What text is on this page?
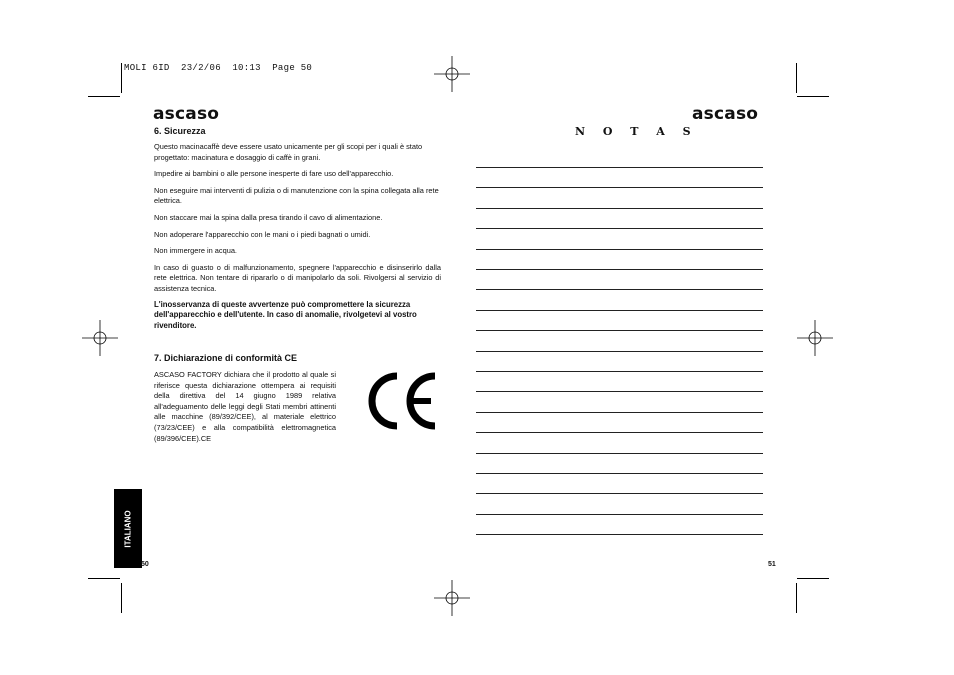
MOLI 6ID  23/2/06  10:13  Page 50
ascaso
6. Sicurezza

Questo macinacaffè deve essere usato unicamente per gli scopi per i quali è stato progettato: macinatura e dosaggio di caffè in grani.

Impedire ai bambini o alle persone inesperte di fare uso dell'apparecchio.

Non eseguire mai interventi di pulizia o di manutenzione con la spina collegata alla rete elettrica.

Non staccare mai la spina dalla presa tirando il cavo di alimentazione.

Non adoperare l'apparecchio con le mani o i piedi bagnati o umidi.

Non immergere in acqua.

In caso di guasto o di malfunzionamento, spegnere l'apparecchio e disinserirlo dalla rete elettrica. Non tentare di ripararlo o di manipolarlo da soli. Rivolgersi al servizio di assistenza tecnica.

L'inosservanza di queste avvertenze può compromettere la sicurezza dell'apparecchio e dell'utente. In caso di anomalie, rivolgetevi al vostro rivenditore.

7. Dichiarazione di conformità CE

ASCASO FACTORY dichiara che il prodotto al quale si riferisce questa dichiarazione ottempera ai requisiti della direttiva del 14 giugno 1989 relativa all'adeguamento delle leggi degli Stati membri attinenti alle macchine (89/392/CEE), al materiale elettrico (73/23/CEE) e alla compatibilità elettromagnetica (89/396/CEE).CE

ITALIANO
50
ascaso
N O T A S
51
